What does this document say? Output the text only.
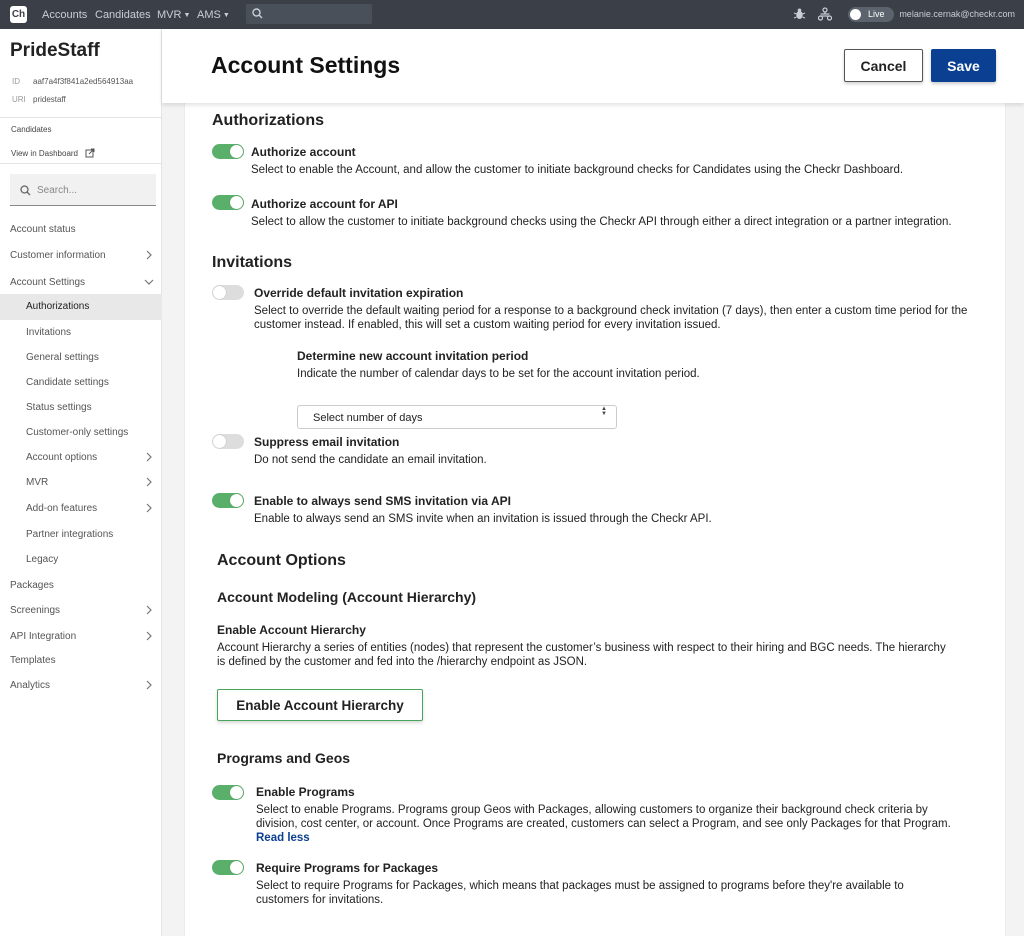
Ch Accounts Candidates MVR ▼ AMS ▼	Live melanie.cernak@checkr.com
PrideStaff
ID aaf7a4f3f841a2ed564913aa
URI pridestaff
Candidates
View in Dashboard
Search...
Account status
Customer information
Account Settings
Authorizations
Invitations
General settings
Candidate settings
Status settings
Customer-only settings
Account options
MVR
Add-on features
Partner integrations
Legacy
Packages
Screenings
API Integration
Templates
Analytics
Account Settings	Cancel	Save
Authorizations
Authorize account
Select to enable the Account, and allow the customer to initiate background checks for Candidates using the Checkr Dashboard.
Authorize account for API
Select to allow the customer to initiate background checks using the Checkr API through either a direct integration or a partner integration.
Invitations
Override default invitation expiration
Select to override the default waiting period for a response to a background check invitation (7 days), then enter a custom time period for the customer instead. If enabled, this will set a custom waiting period for every invitation issued.
Determine new account invitation period
Indicate the number of calendar days to be set for the account invitation period.
Select number of days
▲
▼
Suppress email invitation
Do not send the candidate an email invitation.
Enable to always send SMS invitation via API
Enable to always send an SMS invite when an invitation is issued through the Checkr API.
Account Options
Account Modeling (Account Hierarchy)
Enable Account Hierarchy
Account Hierarchy a series of entities (nodes) that represent the customer’s business with respect to their hiring and BGC needs. The hierarchy is defined by the customer and fed into the /hierarchy endpoint as JSON.
Enable Account Hierarchy
Programs and Geos
Enable Programs
Select to enable Programs. Programs group Geos with Packages, allowing customers to organize their background check criteria by division, cost center, or account. Once Programs are created, customers can select a Program, and see only Packages for that Program. Read less
Require Programs for Packages
Select to require Programs for Packages, which means that packages must be assigned to programs before they're available to customers for invitations.
